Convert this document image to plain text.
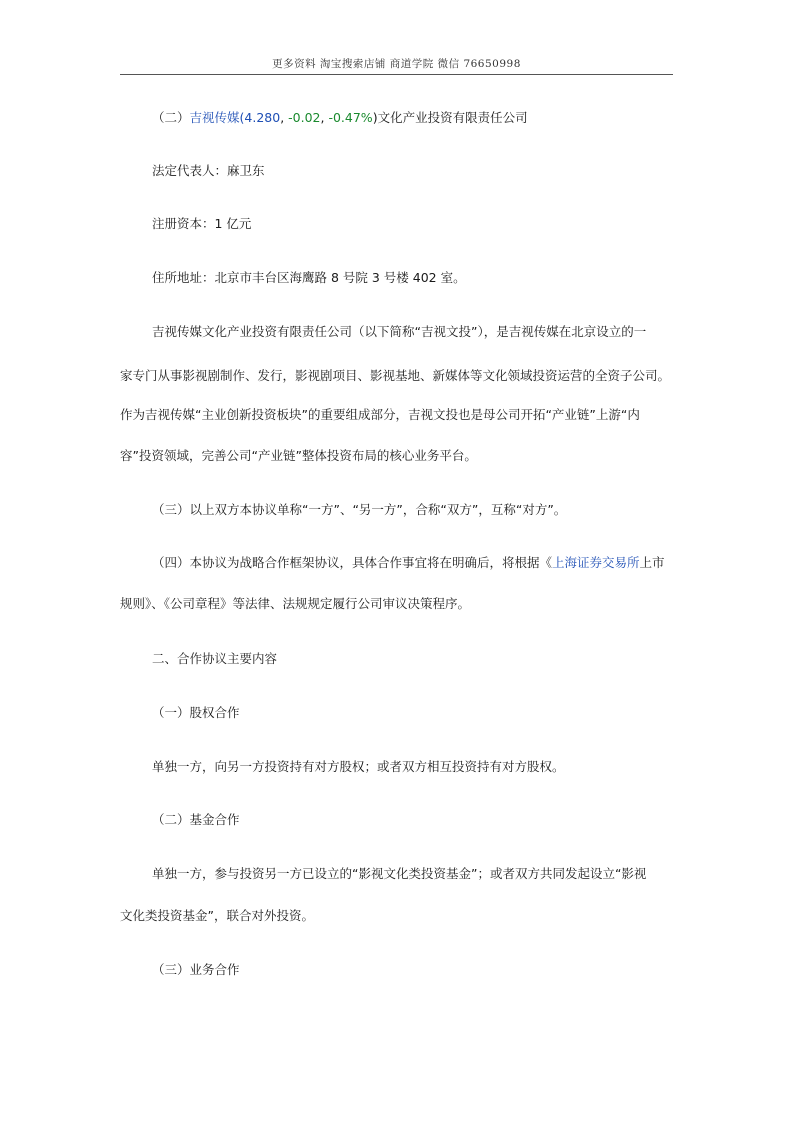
更多资料 淘宝搜索店铺 商道学院 微信 76650998
（二）吉视传媒(4.280, -0.02, -0.47%)文化产业投资有限责任公司
法定代表人：麻卫东
注册资本：1 亿元
住所地址：北京市丰台区海鹰路 8 号院 3 号楼 402 室。
吉视传媒文化产业投资有限责任公司（以下简称“吉视文投”），是吉视传媒在北京设立的一
家专门从事影视剧制作、发行，影视剧项目、影视基地、新媒体等文化领域投资运营的全资子公司。
作为吉视传媒“主业创新投资板块”的重要组成部分，吉视文投也是母公司开拓“产业链”上游“内
容”投资领域，完善公司“产业链”整体投资布局的核心业务平台。
（三）以上双方本协议单称“一方”、“另一方”，合称“双方”，互称“对方”。
（四）本协议为战略合作框架协议，具体合作事宜将在明确后，将根据《上海证券交易所上市
规则》、《公司章程》等法律、法规规定履行公司审议决策程序。
二、合作协议主要内容
（一）股权合作
单独一方，向另一方投资持有对方股权；或者双方相互投资持有对方股权。
（二）基金合作
单独一方，参与投资另一方已设立的“影视文化类投资基金”；或者双方共同发起设立“影视
文化类投资基金”，联合对外投资。
（三）业务合作
